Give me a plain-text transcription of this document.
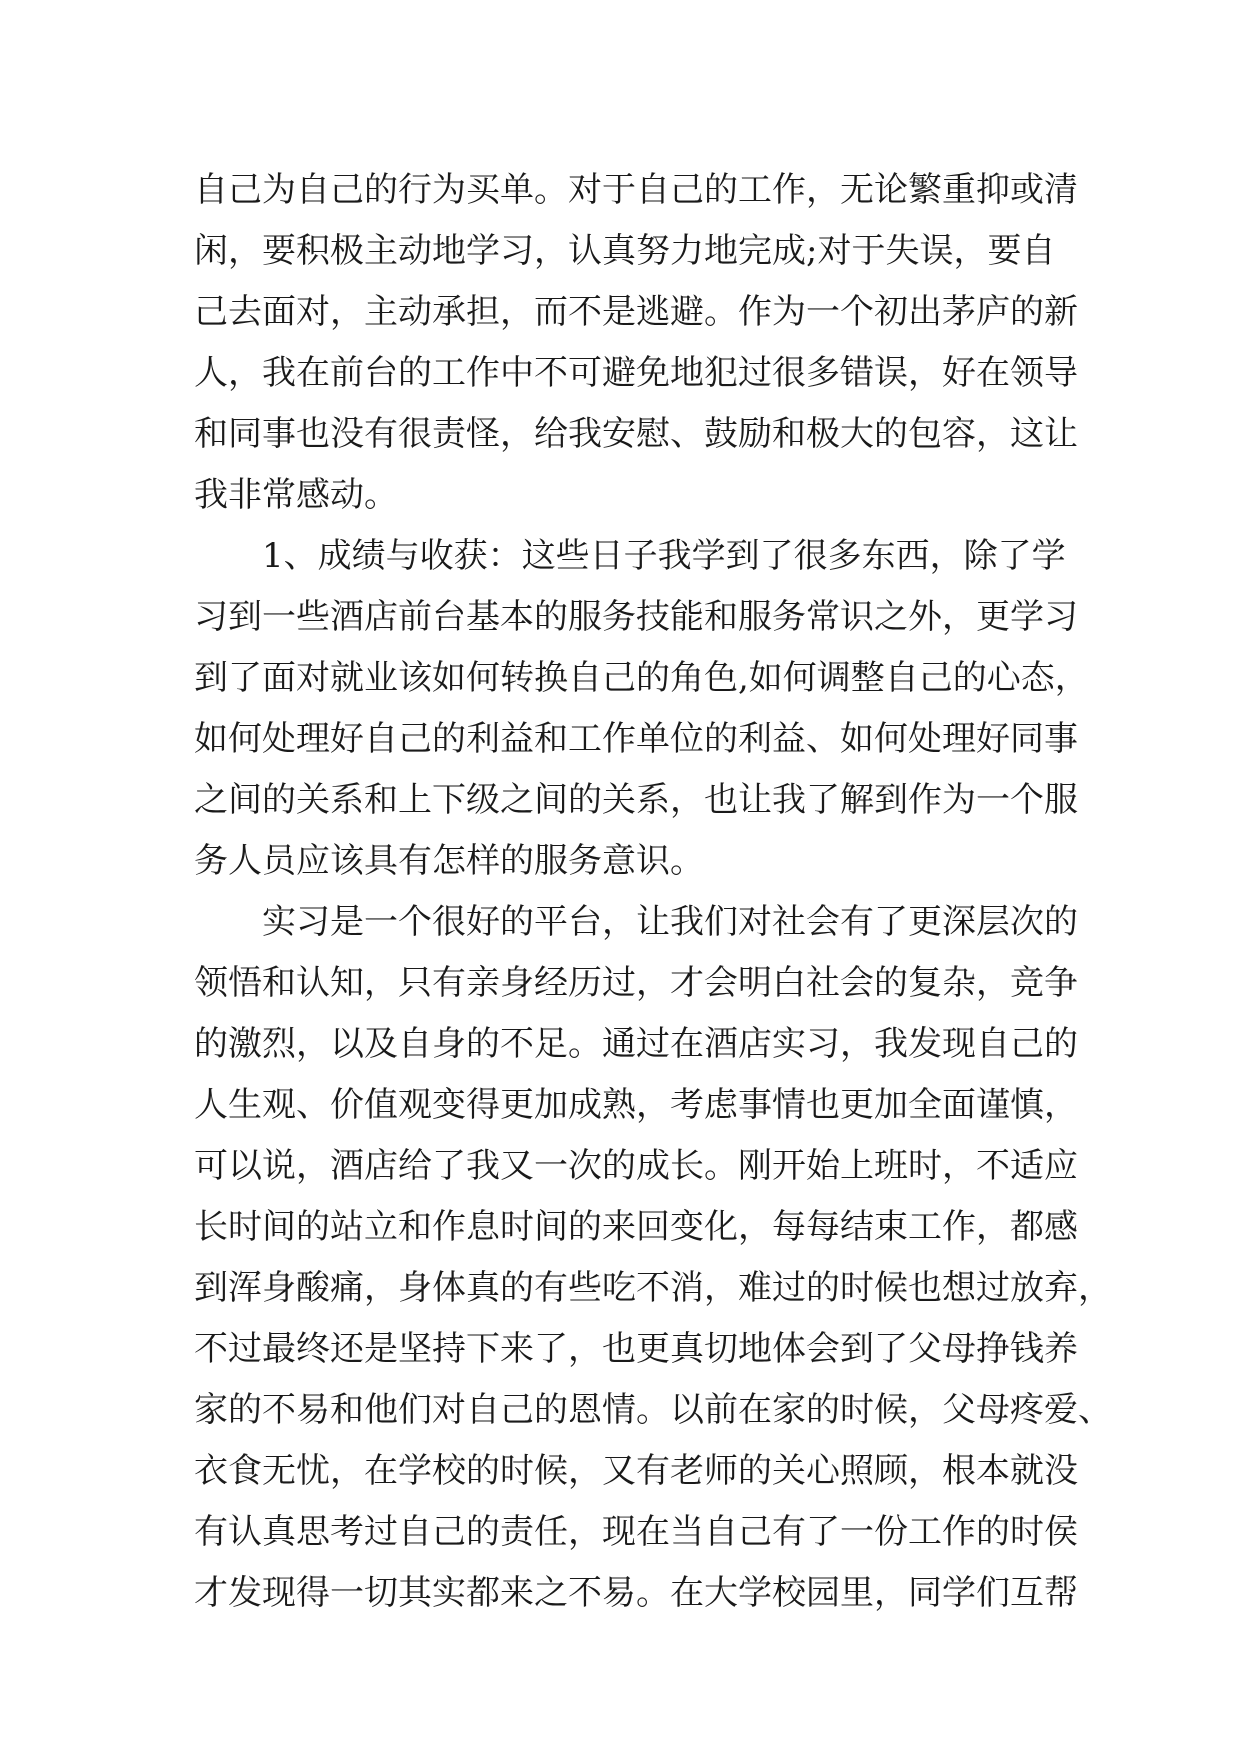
自己为自己的行为买单。对于自己的工作，无论繁重抑或清
闲，要积极主动地学习，认真努力地完成;对于失误，要自
己去面对，主动承担，而不是逃避。作为一个初出茅庐的新
人，我在前台的工作中不可避免地犯过很多错误，好在领导
和同事也没有很责怪，给我安慰、鼓励和极大的包容，这让
我非常感动。
1、成绩与收获：这些日子我学到了很多东西，除了学
习到一些酒店前台基本的服务技能和服务常识之外，更学习
到了面对就业该如何转换自己的角色,如何调整自己的心态，
如何处理好自己的利益和工作单位的利益、如何处理好同事
之间的关系和上下级之间的关系，也让我了解到作为一个服
务人员应该具有怎样的服务意识。
实习是一个很好的平台，让我们对社会有了更深层次的
领悟和认知，只有亲身经历过，才会明白社会的复杂，竞争
的激烈，以及自身的不足。通过在酒店实习，我发现自己的
人生观、价值观变得更加成熟，考虑事情也更加全面谨慎，
可以说，酒店给了我又一次的成长。刚开始上班时，不适应
长时间的站立和作息时间的来回变化，每每结束工作，都感
到浑身酸痛，身体真的有些吃不消，难过的时候也想过放弃，
不过最终还是坚持下来了，也更真切地体会到了父母挣钱养
家的不易和他们对自己的恩情。以前在家的时候，父母疼爱、
衣食无忧，在学校的时候，又有老师的关心照顾，根本就没
有认真思考过自己的责任，现在当自己有了一份工作的时侯
才发现得一切其实都来之不易。在大学校园里，同学们互帮
